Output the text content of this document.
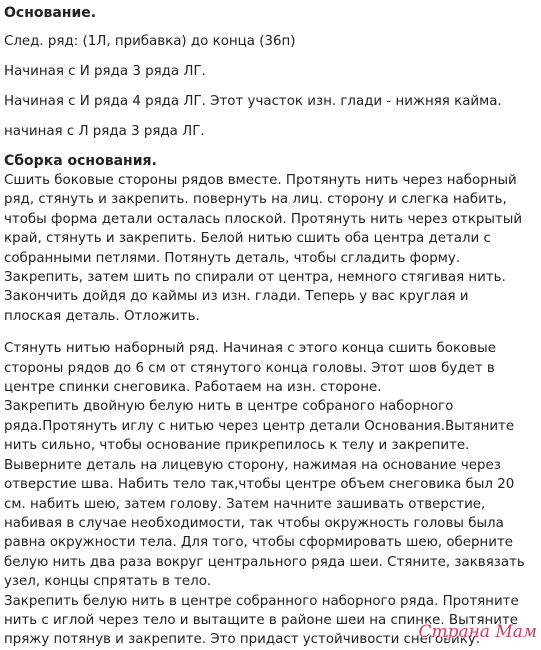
Основание.

След. ряд: (1Л, прибавка) до конца (36п)

Начиная с И ряда 3 ряда ЛГ.

Начиная с И ряда 4 ряда ЛГ. Этот участок изн. глади - нижняя кайма.

начиная с Л ряда 3 ряда ЛГ.

Сборка основания.

Сшить боковые стороны рядов вместе. Протянуть нить через наборный

ряд, стянуть и закрепить. повернуть на лиц. сторону и слегка набить,

чтобы форма детали осталась плоской. Протянуть нить через открытый

край, стянуть и закрепить. Белой нитью сшить оба центра детали с

собранными петлями. Потянуть деталь, чтобы сгладить форму.

Закрепить, затем шить по спирали от центра, немного стягивая нить.

Закончить дойдя до каймы из изн. глади. Теперь у вас круглая и

плоская деталь. Отложить.

Стянуть нитью наборный ряд. Начиная с этого конца сшить боковые

стороны рядов до 6 см от стянутого конца головы. Этот шов будет в

центре спинки снеговика. Работаем на изн. стороне.

Закрепить двойную белую нить в центре собраного наборного

ряда.Протянуть иглу с нитью через центр детали Основания.Вытяните

нить сильно, чтобы основание прикрепилось к телу и закрепите.

Выверните деталь на лицевую сторону, нажимая на основание через

отверстие шва. Набить тело так,чтобы центре объем снеговика был 20

см. набить шею, затем голову. Затем начните зашивать отверстие,

набивая в случае необходимости, так чтобы окружность головы была

равна окружности тела. Для того, чтобы сформировать шею, оберните

белую нить два раза вокруг центрального ряда шеи. Стяните, заквязать

узел, концы спрятать в тело.

Закрепить белую нить в центре собранного наборного ряда. Протяните

нить с иглой через тело и вытащите в районе шеи на спинке. Вытяните

пряжу потянув и закрепите. Это придаст устойчивости снеговику.

Страна Мам
